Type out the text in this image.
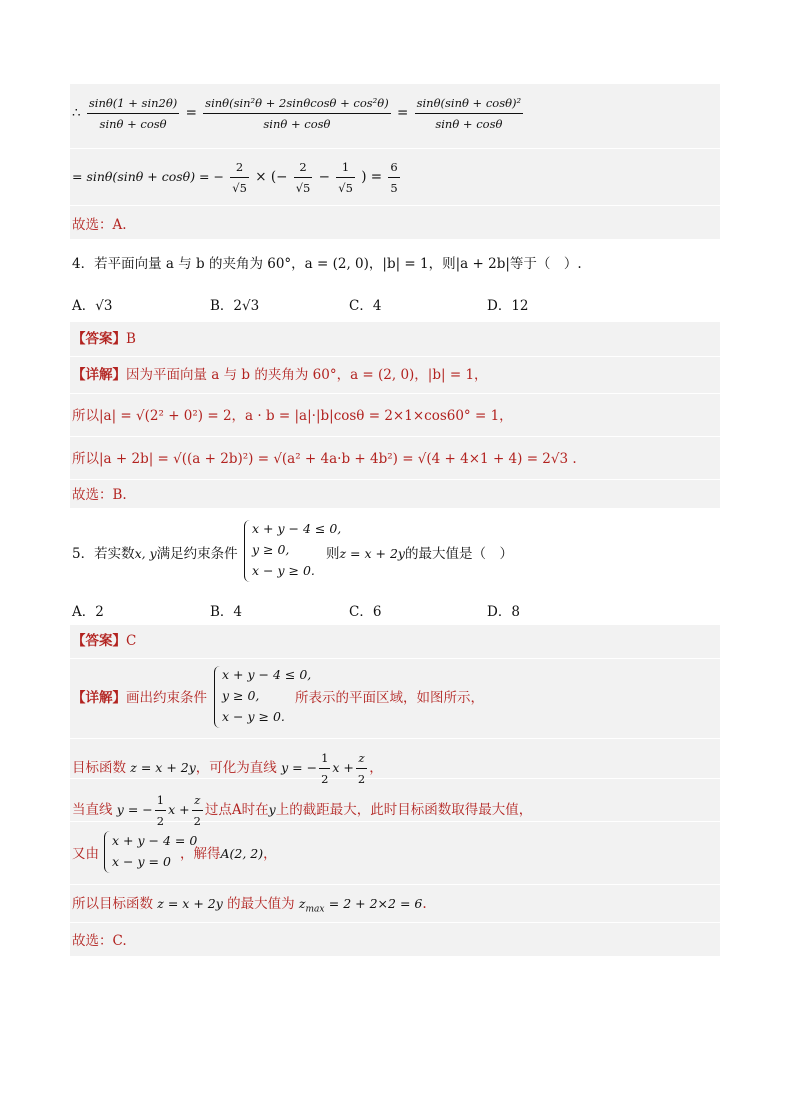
∴ $\frac{\sin\theta(1 + \sin 2\theta)}{\sin\theta + \cos\theta} = \frac{\text{sinθ(sin²θ + 2sinθcosθ + cos²θ)}}{\sin\theta + \cos\theta} = \frac{\text{sinθ(sinθ + cosθ)²}}{\sin\theta + \cos\theta}$
= sinθ(sinθ + cosθ) = − $\frac{2}{√5}$ × (− $\frac{2}{√5} - \frac{1}{√5}$ ) = $\frac{6}{5}$
故选：A.
4．若平面向量 a 与 b 的夹角为 60°，a = (2, 0)，|b| = 1，则|a + 2b|等于（　）.
A．√3	B．2√3	C．4	D．12
【答案】B
【详解】因为平面向量 a 与 b 的夹角为 60°，a = (2, 0)，|b| = 1，
所以|a| = √(2² + 0²) = 2，a · b = |a|·|b|cosθ = 2×1×cos60° = 1，
所以|a + 2b| = √((a + 2b)²) = √(a² + 4a·b + 4b²) = √(4 + 4×1 + 4) = 2√3 .
故选：B.
5．若实数x, y满足约束条件
x + y − 4 ≤ 0,
y ≥ 0,
x − y ≥ 0.
则z = x + 2y的最大值是（　）
A．2	B．4	C．6	D．8
【答案】C
【详解】画出约束条件
x + y − 4 ≤ 0,
y ≥ 0,
x − y ≥ 0.
所表示的平面区域，如图所示，
目标函数 z = x + 2y，可化为直线 y = − $\frac{1}{2}$ $x + \frac{z}{2}$ ，
当直线 y = − $\frac{1}{2}$ $x + \frac{z}{2}$ 过点A时在y上的截距最大，此时目标函数取得最大值，
又由
x + y − 4 = 0
x − y = 0 ，解得A(2, 2)，
所以目标函数 z = x + 2y 的最大值为 $z_{max} = 2 + 2\times 2 = 6$.
故选：C.
